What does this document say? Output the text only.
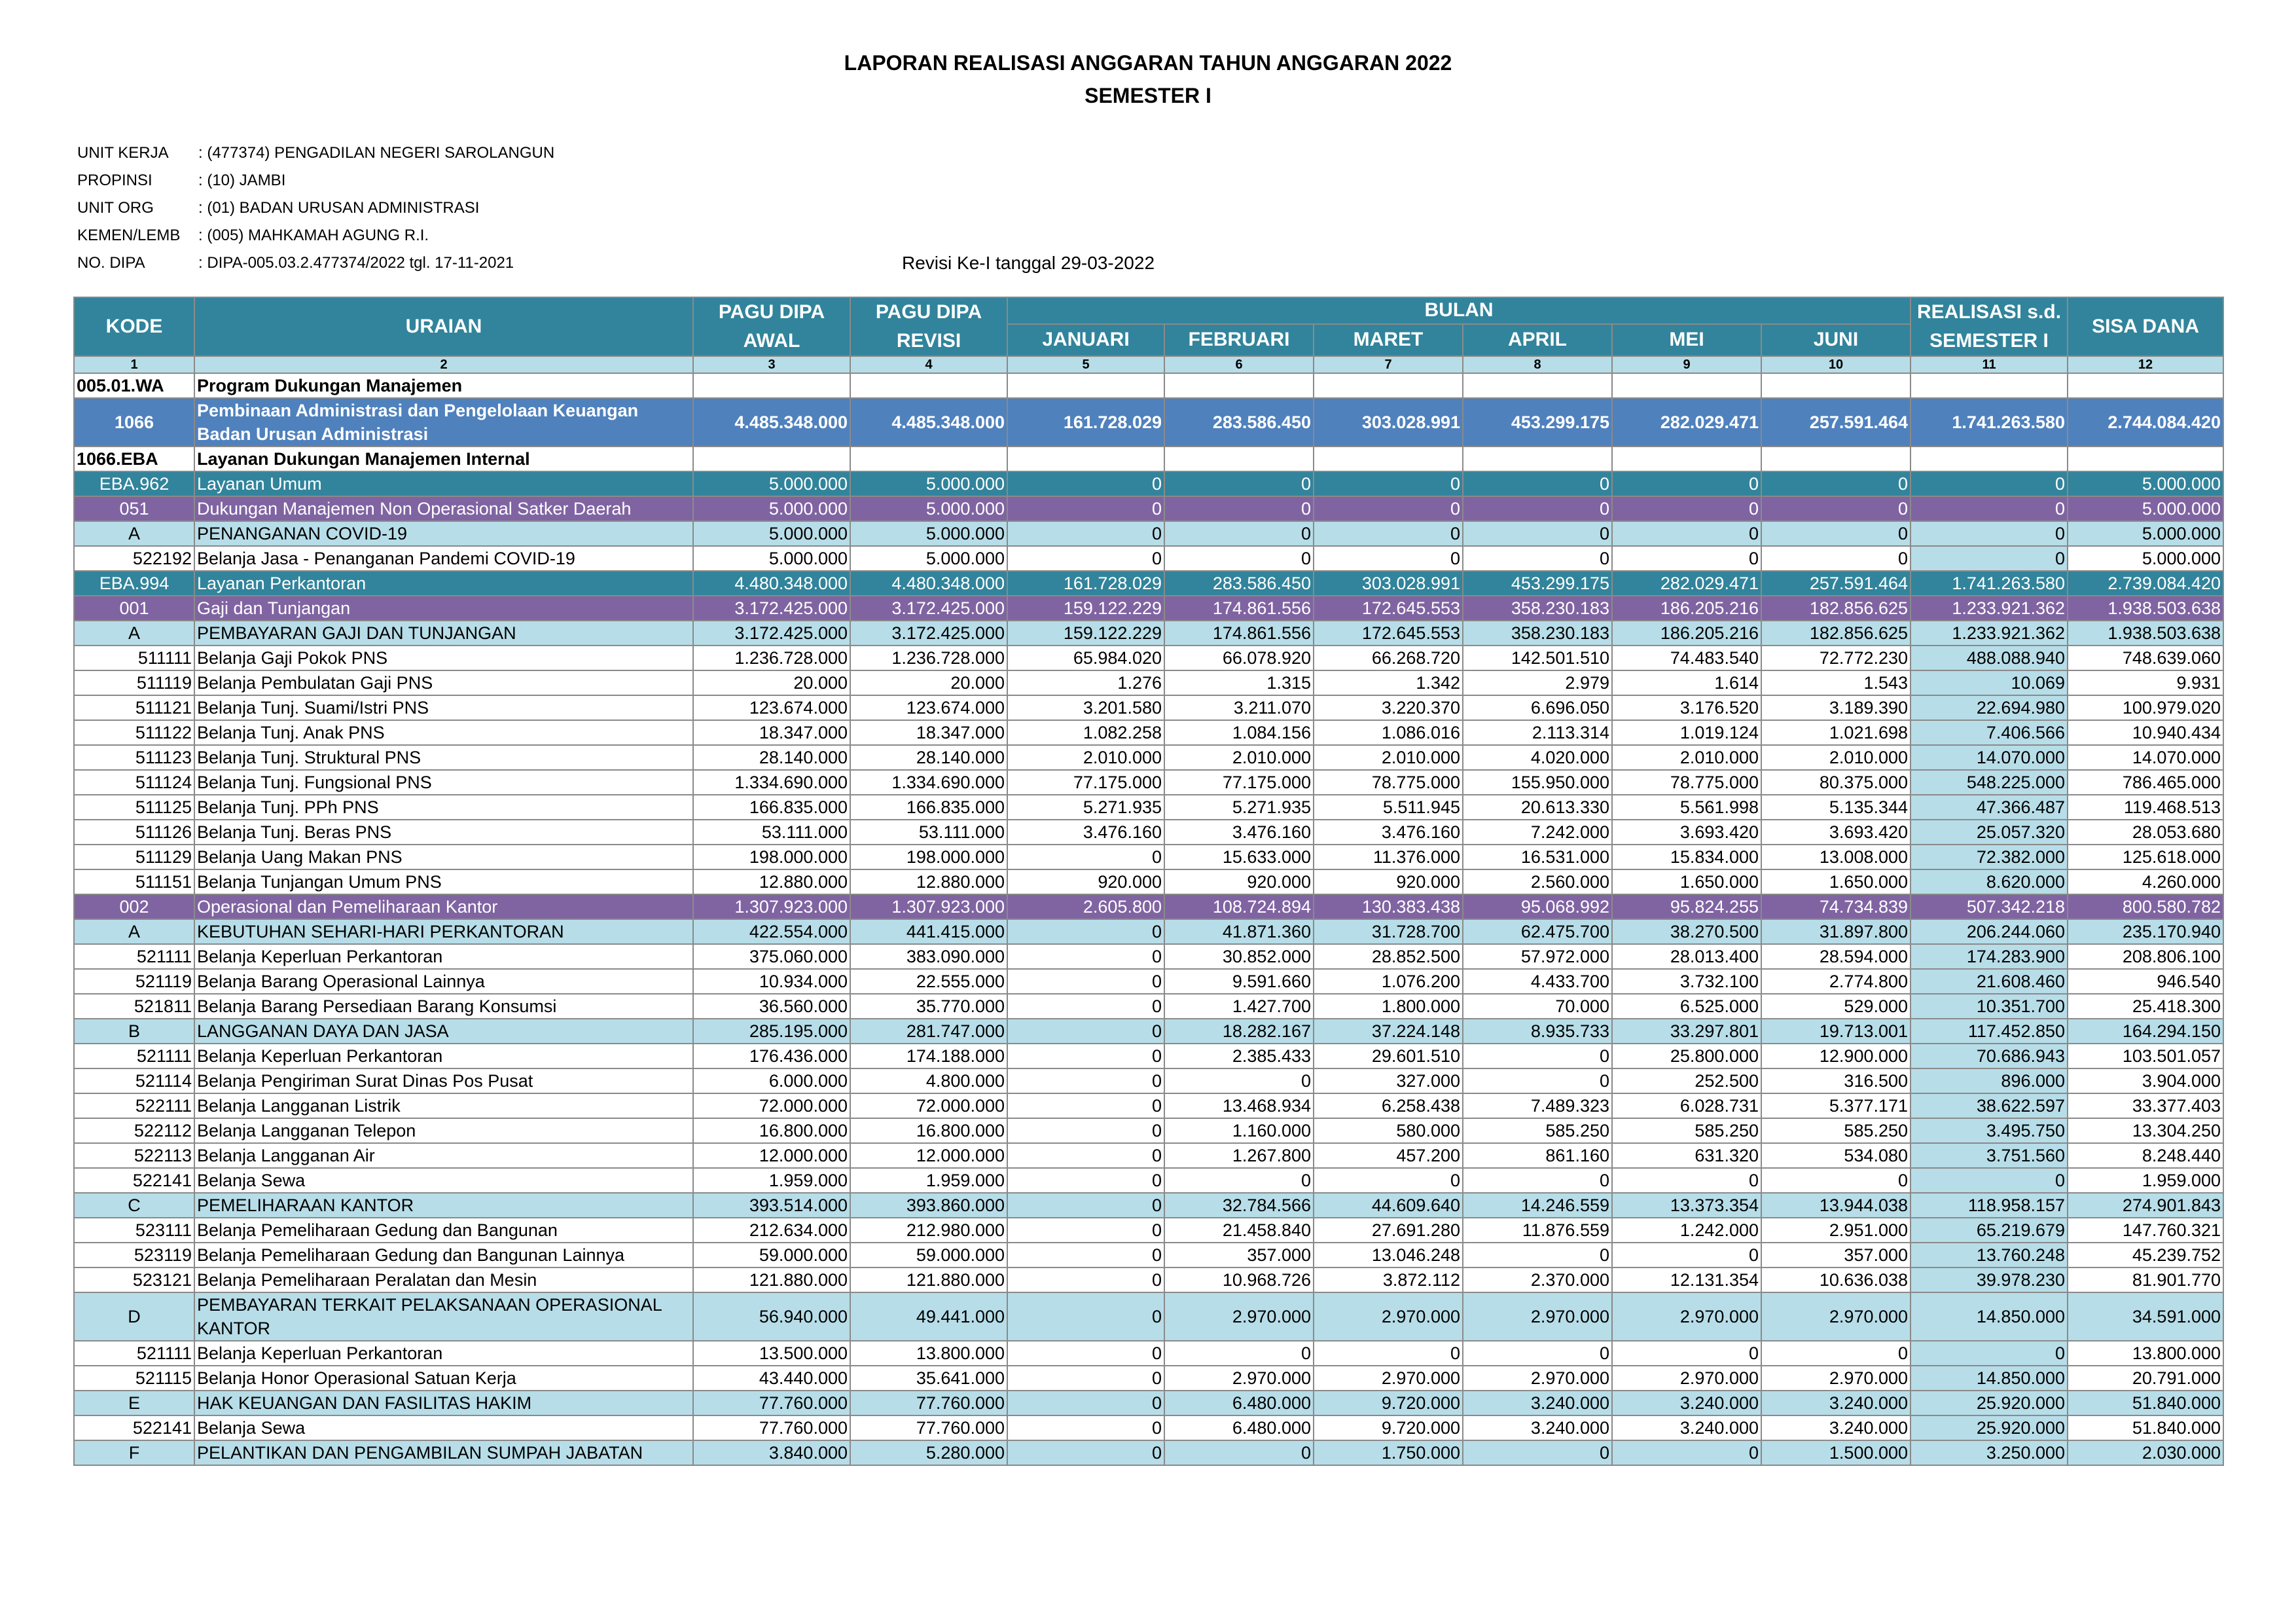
LAPORAN REALISASI ANGGARAN TAHUN ANGGARAN 2022
SEMESTER I
UNIT KERJA	: (477374) PENGADILAN NEGERI SAROLANGUN
PROPINSI	: (10) JAMBI
UNIT ORG	: (01) BADAN URUSAN ADMINISTRASI
KEMEN/LEMB	: (005) MAHKAMAH AGUNG R.I.
NO. DIPA	: DIPA-005.03.2.477374/2022 tgl. 17-11-2021	Revisi Ke-I tanggal 29-03-2022
KODE	URAIAN	PAGU DIPA AWAL	PAGU DIPA REVISI	BULAN						REALISASI s.d. SEMESTER I	SISA DANA
				JANUARI	FEBRUARI	MARET	APRIL	MEI	JUNI		
1	2	3	4	5	6	7	8	9	10	11	12
005.01.WA	Program Dukungan Manajemen										
1066	Pembinaan Administrasi dan Pengelolaan Keuangan Badan Urusan Administrasi	4.485.348.000	4.485.348.000	161.728.029	283.586.450	303.028.991	453.299.175	282.029.471	257.591.464	1.741.263.580	2.744.084.420
1066.EBA	Layanan Dukungan Manajemen Internal										
EBA.962	Layanan Umum	5.000.000	5.000.000	0	0	0	0	0	0	0	5.000.000
051	Dukungan Manajemen Non Operasional Satker Daerah	5.000.000	5.000.000	0	0	0	0	0	0	0	5.000.000
A	PENANGANAN COVID-19	5.000.000	5.000.000	0	0	0	0	0	0	0	5.000.000
522192	Belanja Jasa - Penanganan Pandemi COVID-19	5.000.000	5.000.000	0	0	0	0	0	0	0	5.000.000
EBA.994	Layanan Perkantoran	4.480.348.000	4.480.348.000	161.728.029	283.586.450	303.028.991	453.299.175	282.029.471	257.591.464	1.741.263.580	2.739.084.420
001	Gaji dan Tunjangan	3.172.425.000	3.172.425.000	159.122.229	174.861.556	172.645.553	358.230.183	186.205.216	182.856.625	1.233.921.362	1.938.503.638
A	PEMBAYARAN GAJI DAN TUNJANGAN	3.172.425.000	3.172.425.000	159.122.229	174.861.556	172.645.553	358.230.183	186.205.216	182.856.625	1.233.921.362	1.938.503.638
511111	Belanja Gaji Pokok PNS	1.236.728.000	1.236.728.000	65.984.020	66.078.920	66.268.720	142.501.510	74.483.540	72.772.230	488.088.940	748.639.060
511119	Belanja Pembulatan Gaji PNS	20.000	20.000	1.276	1.315	1.342	2.979	1.614	1.543	10.069	9.931
511121	Belanja Tunj. Suami/Istri PNS	123.674.000	123.674.000	3.201.580	3.211.070	3.220.370	6.696.050	3.176.520	3.189.390	22.694.980	100.979.020
511122	Belanja Tunj. Anak PNS	18.347.000	18.347.000	1.082.258	1.084.156	1.086.016	2.113.314	1.019.124	1.021.698	7.406.566	10.940.434
511123	Belanja Tunj. Struktural PNS	28.140.000	28.140.000	2.010.000	2.010.000	2.010.000	4.020.000	2.010.000	2.010.000	14.070.000	14.070.000
511124	Belanja Tunj. Fungsional PNS	1.334.690.000	1.334.690.000	77.175.000	77.175.000	78.775.000	155.950.000	78.775.000	80.375.000	548.225.000	786.465.000
511125	Belanja Tunj. PPh PNS	166.835.000	166.835.000	5.271.935	5.271.935	5.511.945	20.613.330	5.561.998	5.135.344	47.366.487	119.468.513
511126	Belanja Tunj. Beras PNS	53.111.000	53.111.000	3.476.160	3.476.160	3.476.160	7.242.000	3.693.420	3.693.420	25.057.320	28.053.680
511129	Belanja Uang Makan PNS	198.000.000	198.000.000	0	15.633.000	11.376.000	16.531.000	15.834.000	13.008.000	72.382.000	125.618.000
511151	Belanja Tunjangan Umum PNS	12.880.000	12.880.000	920.000	920.000	920.000	2.560.000	1.650.000	1.650.000	8.620.000	4.260.000
002	Operasional dan Pemeliharaan Kantor	1.307.923.000	1.307.923.000	2.605.800	108.724.894	130.383.438	95.068.992	95.824.255	74.734.839	507.342.218	800.580.782
A	KEBUTUHAN SEHARI-HARI PERKANTORAN	422.554.000	441.415.000	0	41.871.360	31.728.700	62.475.700	38.270.500	31.897.800	206.244.060	235.170.940
521111	Belanja Keperluan Perkantoran	375.060.000	383.090.000	0	30.852.000	28.852.500	57.972.000	28.013.400	28.594.000	174.283.900	208.806.100
521119	Belanja Barang Operasional Lainnya	10.934.000	22.555.000	0	9.591.660	1.076.200	4.433.700	3.732.100	2.774.800	21.608.460	946.540
521811	Belanja Barang Persediaan Barang Konsumsi	36.560.000	35.770.000	0	1.427.700	1.800.000	70.000	6.525.000	529.000	10.351.700	25.418.300
B	LANGGANAN DAYA DAN JASA	285.195.000	281.747.000	0	18.282.167	37.224.148	8.935.733	33.297.801	19.713.001	117.452.850	164.294.150
521111	Belanja Keperluan Perkantoran	176.436.000	174.188.000	0	2.385.433	29.601.510	0	25.800.000	12.900.000	70.686.943	103.501.057
521114	Belanja Pengiriman Surat Dinas Pos Pusat	6.000.000	4.800.000	0	0	327.000	0	252.500	316.500	896.000	3.904.000
522111	Belanja Langganan Listrik	72.000.000	72.000.000	0	13.468.934	6.258.438	7.489.323	6.028.731	5.377.171	38.622.597	33.377.403
522112	Belanja Langganan Telepon	16.800.000	16.800.000	0	1.160.000	580.000	585.250	585.250	585.250	3.495.750	13.304.250
522113	Belanja Langganan Air	12.000.000	12.000.000	0	1.267.800	457.200	861.160	631.320	534.080	3.751.560	8.248.440
522141	Belanja Sewa	1.959.000	1.959.000	0	0	0	0	0	0	0	1.959.000
C	PEMELIHARAAN KANTOR	393.514.000	393.860.000	0	32.784.566	44.609.640	14.246.559	13.373.354	13.944.038	118.958.157	274.901.843
523111	Belanja Pemeliharaan Gedung dan Bangunan	212.634.000	212.980.000	0	21.458.840	27.691.280	11.876.559	1.242.000	2.951.000	65.219.679	147.760.321
523119	Belanja Pemeliharaan Gedung dan Bangunan Lainnya	59.000.000	59.000.000	0	357.000	13.046.248	0	0	357.000	13.760.248	45.239.752
523121	Belanja Pemeliharaan Peralatan dan Mesin	121.880.000	121.880.000	0	10.968.726	3.872.112	2.370.000	12.131.354	10.636.038	39.978.230	81.901.770
D	PEMBAYARAN TERKAIT PELAKSANAAN OPERASIONAL KANTOR	56.940.000	49.441.000	0	2.970.000	2.970.000	2.970.000	2.970.000	2.970.000	14.850.000	34.591.000
521111	Belanja Keperluan Perkantoran	13.500.000	13.800.000	0	0	0	0	0	0	0	13.800.000
521115	Belanja Honor Operasional Satuan Kerja	43.440.000	35.641.000	0	2.970.000	2.970.000	2.970.000	2.970.000	2.970.000	14.850.000	20.791.000
E	HAK KEUANGAN DAN FASILITAS HAKIM	77.760.000	77.760.000	0	6.480.000	9.720.000	3.240.000	3.240.000	3.240.000	25.920.000	51.840.000
522141	Belanja Sewa	77.760.000	77.760.000	0	6.480.000	9.720.000	3.240.000	3.240.000	3.240.000	25.920.000	51.840.000
F	PELANTIKAN DAN PENGAMBILAN SUMPAH JABATAN	3.840.000	5.280.000	0	0	1.750.000	0	0	1.500.000	3.250.000	2.030.000
